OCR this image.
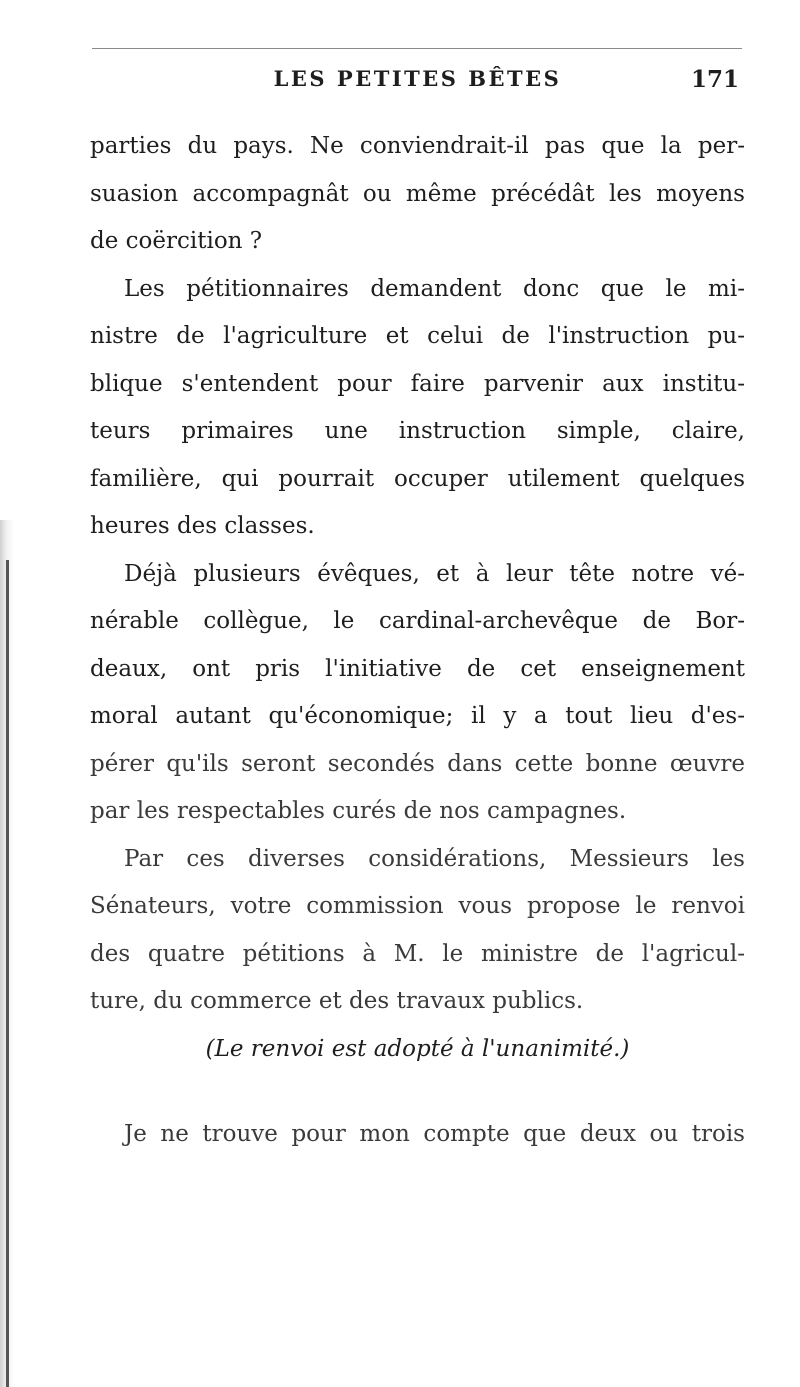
LES PETITES BÊTES	171
parties du pays. Ne conviendrait-il pas que la per-
suasion accompagnât ou même précédât les moyens
de coërcition ?
Les pétitionnaires demandent donc que le mi-
nistre de l'agriculture et celui de l'instruction pu-
blique s'entendent pour faire parvenir aux institu-
teurs primaires une instruction simple, claire,
familière, qui pourrait occuper utilement quelques
heures des classes.
Déjà plusieurs évêques, et à leur tête notre vé-
nérable collègue, le cardinal-archevêque de Bor-
deaux, ont pris l'initiative de cet enseignement
moral autant qu'économique; il y a tout lieu d'es-
pérer qu'ils seront secondés dans cette bonne œuvre
par les respectables curés de nos campagnes.
Par ces diverses considérations, Messieurs les
Sénateurs, votre commission vous propose le renvoi
des quatre pétitions à M. le ministre de l'agricul-
ture, du commerce et des travaux publics.
(Le renvoi est adopté à l'unanimité.)
Je ne trouve pour mon compte que deux ou trois
